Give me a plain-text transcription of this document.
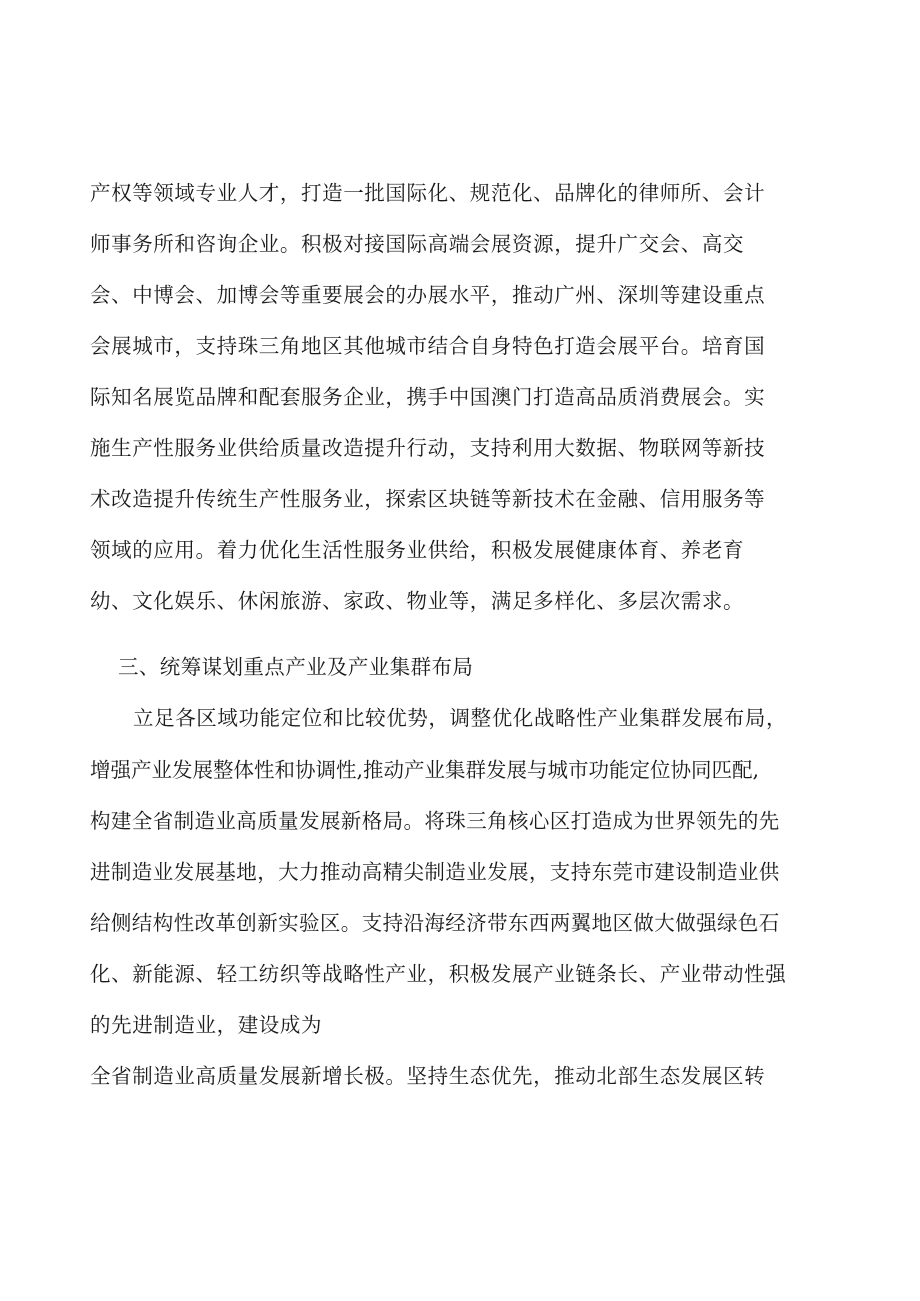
产权等领域专业人才，打造一批国际化、规范化、品牌化的律师所、会计
师事务所和咨询企业。积极对接国际高端会展资源，提升广交会、高交
会、中博会、加博会等重要展会的办展水平，推动广州、深圳等建设重点
会展城市，支持珠三角地区其他城市结合自身特色打造会展平台。培育国
际知名展览品牌和配套服务企业，携手中国澳门打造高品质消费展会。实
施生产性服务业供给质量改造提升行动，支持利用大数据、物联网等新技
术改造提升传统生产性服务业，探索区块链等新技术在金融、信用服务等
领域的应用。着力优化生活性服务业供给，积极发展健康体育、养老育
幼、文化娱乐、休闲旅游、家政、物业等，满足多样化、多层次需求。
三、统筹谋划重点产业及产业集群布局
立足各区域功能定位和比较优势，调整优化战略性产业集群发展布局，
增强产业发展整体性和协调性,推动产业集群发展与城市功能定位协同匹配,
构建全省制造业高质量发展新格局。将珠三角核心区打造成为世界领先的先
进制造业发展基地，大力推动高精尖制造业发展，支持东莞市建设制造业供
给侧结构性改革创新实验区。支持沿海经济带东西两翼地区做大做强绿色石
化、新能源、轻工纺织等战略性产业，积极发展产业链条长、产业带动性强
的先进制造业，建设成为
全省制造业高质量发展新增长极。坚持生态优先，推动北部生态发展区转
